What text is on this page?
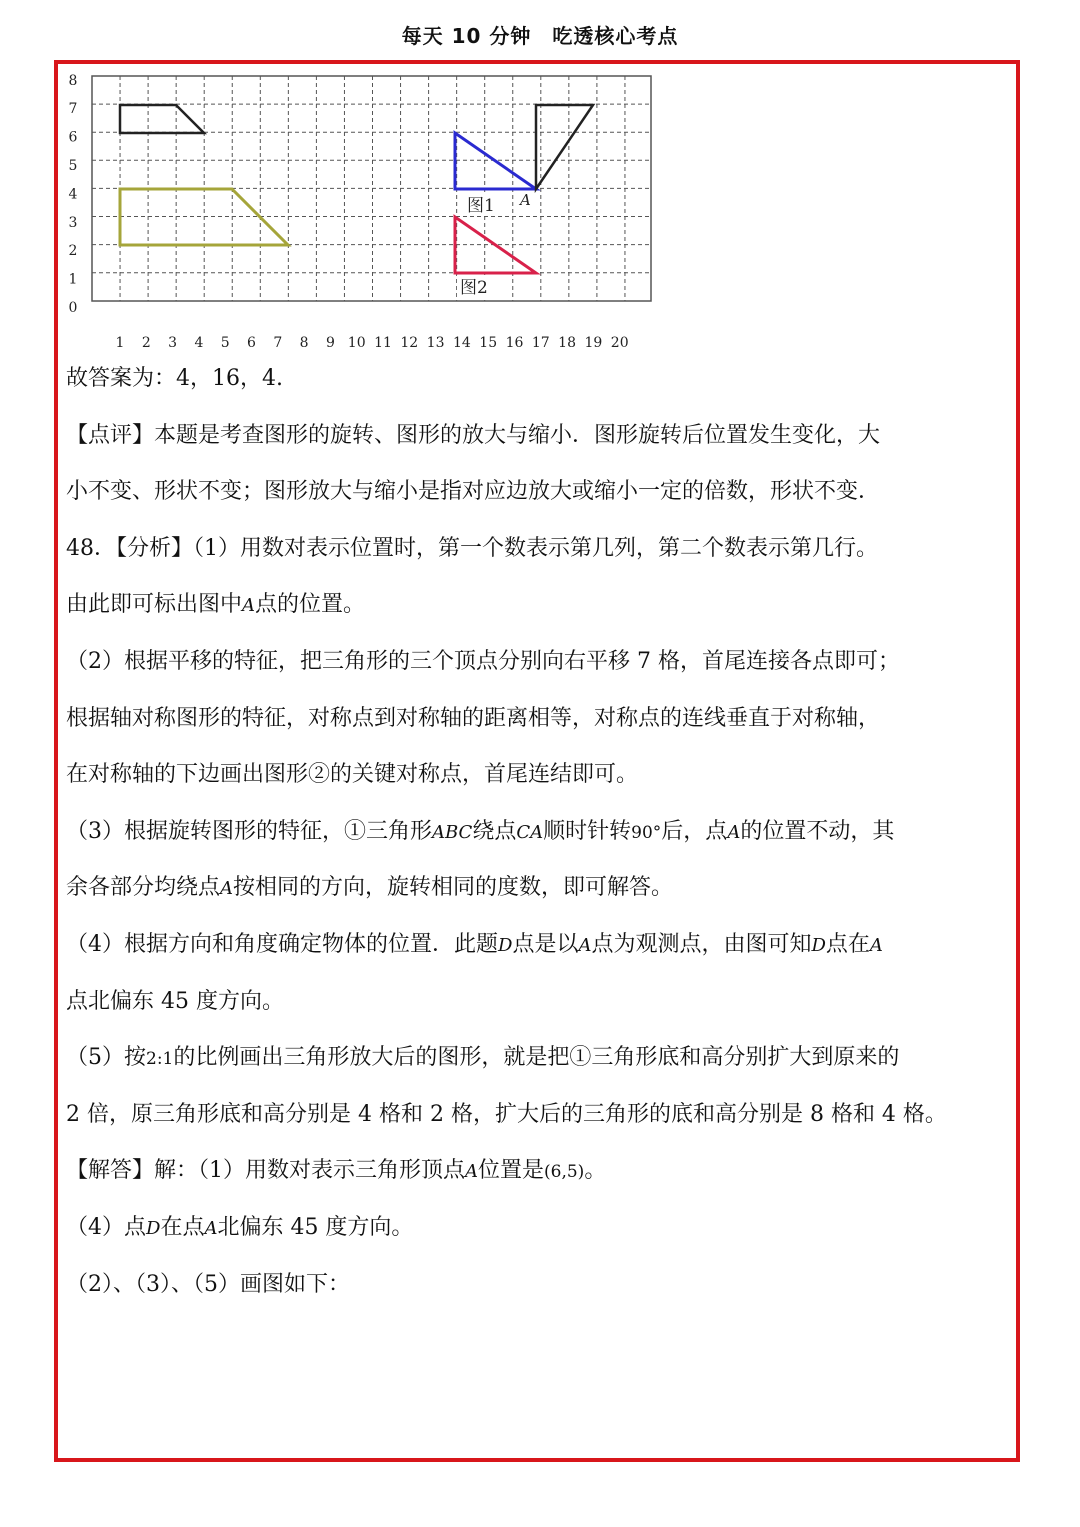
每天 10 分钟　吃透核心考点
1 2 3 4 5 6 7 8 9 10 11 12 13 14 15 16 17 18 19 20
0
1
2
3
4
5
6
7
8
图1 A
图2
故答案为：4，16，4.
【点评】本题是考查图形的旋转、图形的放大与缩小．图形旋转后位置发生变化，大
小不变、形状不变；图形放大与缩小是指对应边放大或缩小一定的倍数，形状不变．
48．【分析】（1）用数对表示位置时，第一个数表示第几列，第二个数表示第几行。
由此即可标出图中A点的位置。
（2）根据平移的特征，把三角形的三个顶点分别向右平移 7 格，首尾连接各点即可；
根据轴对称图形的特征，对称点到对称轴的距离相等，对称点的连线垂直于对称轴，
在对称轴的下边画出图形②的关键对称点，首尾连结即可。
（3）根据旋转图形的特征，①三角形ABC绕点CA顺时针转90°后，点A的位置不动，其
余各部分均绕点A按相同的方向，旋转相同的度数，即可解答。
（4）根据方向和角度确定物体的位置．此题D点是以A点为观测点，由图可知D点在A
点北偏东 45 度方向。
（5）按2:1的比例画出三角形放大后的图形，就是把①三角形底和高分别扩大到原来的
2 倍，原三角形底和高分别是 4 格和 2 格，扩大后的三角形的底和高分别是 8 格和 4 格。
【解答】解：（1）用数对表示三角形顶点A位置是(6,5)。
（4）点D在点A北偏东 45 度方向。
（2）、（3）、（5）画图如下：
